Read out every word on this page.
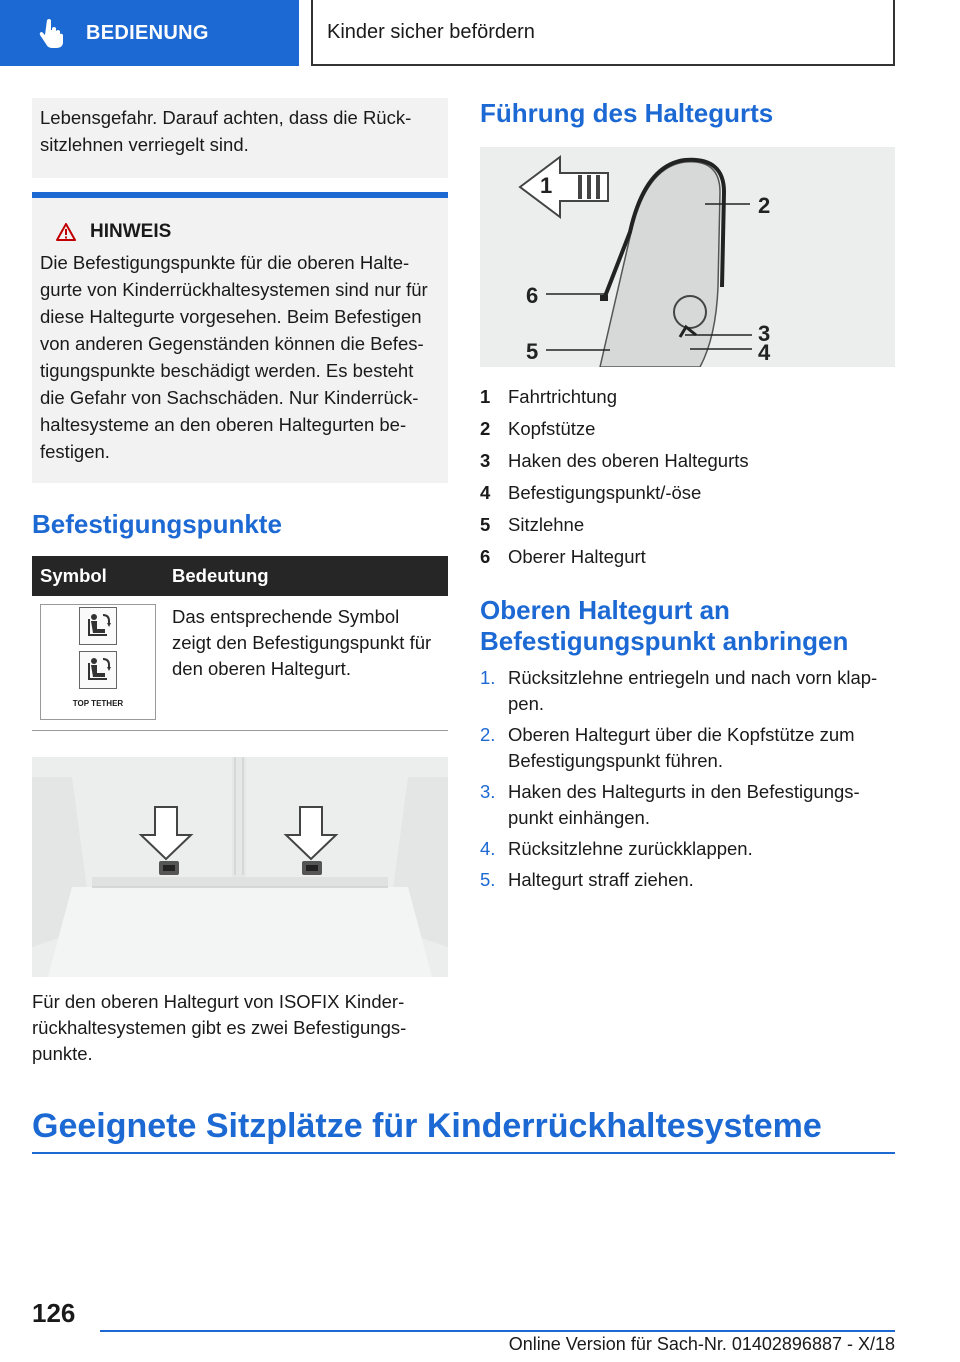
BEDIENUNG	Kinder sicher befördern
Lebensgefahr. Darauf achten, dass die Rück- sitzlehnen verriegelt sind.
HINWEIS
Die Befestigungspunkte für die oberen Halte- gurte von Kinderrückhaltesystemen sind nur für diese Haltegurte vorgesehen. Beim Befestigen von anderen Gegenständen können die Befes- tigungspunkte beschädigt werden. Es besteht die Gefahr von Sachschäden. Nur Kinderrück- haltesysteme an den oberen Haltegurten be- festigen.
Befestigungspunkte
Symbol	Bedeutung

TOP TETHER	Das entsprechende Symbol zeigt den Befestigungspunkt für den oberen Haltegurt.
Für den oberen Haltegurt von ISOFIX Kinder- rückhaltesystemen gibt es zwei Befestigungs- punkte.
Führung des Haltegurts
1
2
3
4
5
6
1 Fahrtrichtung
2 Kopfstütze
3 Haken des oberen Haltegurts
4 Befestigungspunkt/-öse
5 Sitzlehne
6 Oberer Haltegurt
Oberen Haltegurt an Befestigungspunkt anbringen
1. Rücksitzlehne entriegeln und nach vorn klap- pen.
2. Oberen Haltegurt über die Kopfstütze zum Befestigungspunkt führen.
3. Haken des Haltegurts in den Befestigungs- punkt einhängen.
4. Rücksitzlehne zurückklappen.
5. Haltegurt straff ziehen.
Geeignete Sitzplätze für Kinderrückhaltesysteme
126
Online Version für Sach-Nr. 01402896887 - X/18
